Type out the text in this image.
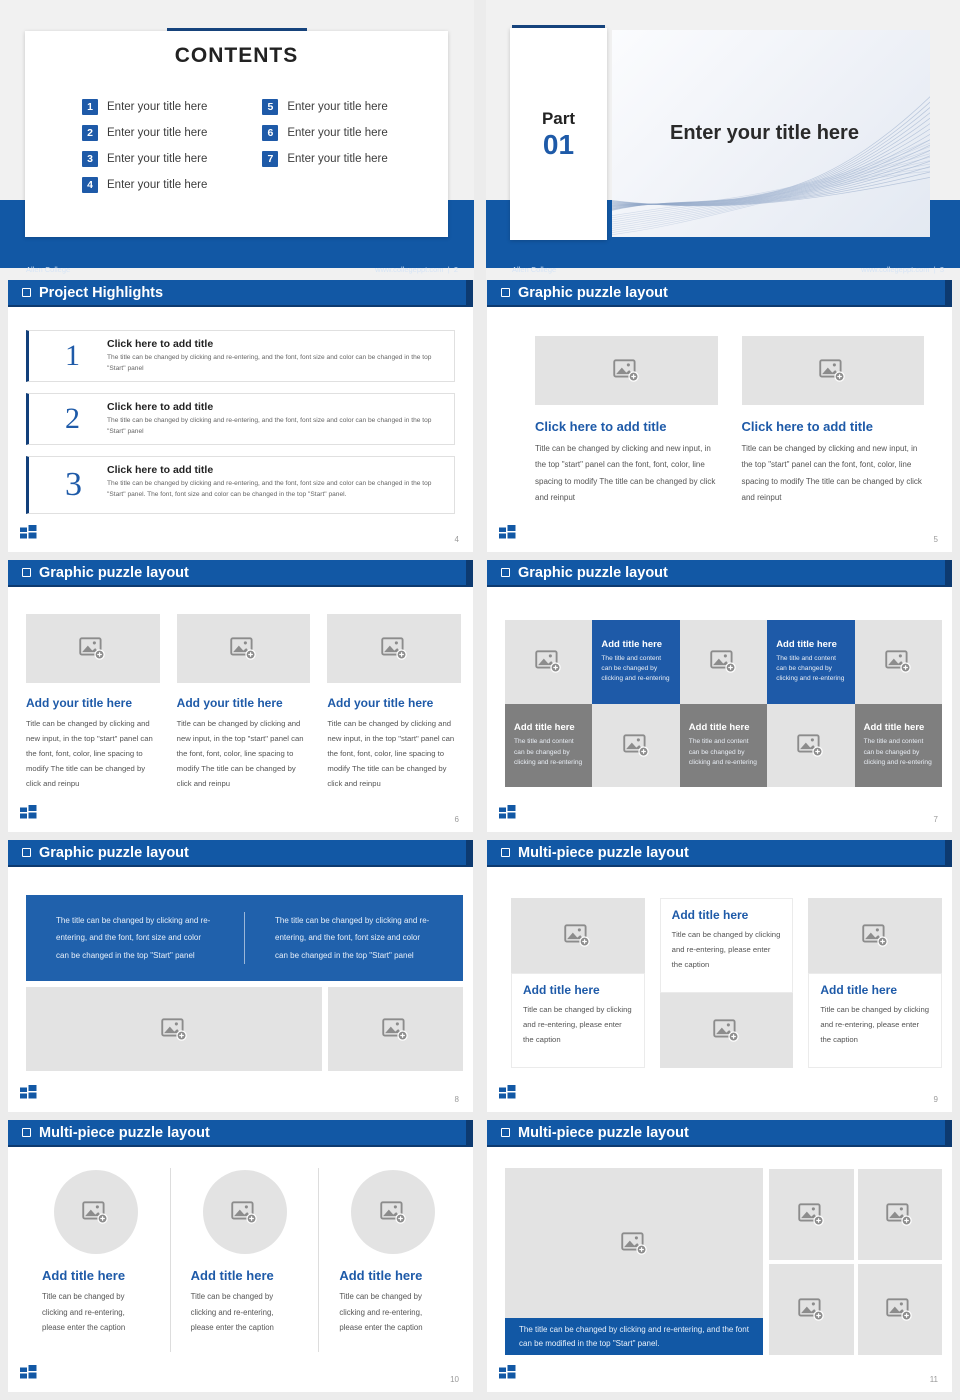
CONTENTS
1	Enter your title here
2	Enter your title here
3	Enter your title here
4	Enter your title here
5	Enter your title here
6	Enter your title here
7	Enter your title here
Allen College	www.collegeppt.com | 2
Part
01	Enter your title here
Allen College	www.collegeppt.com | 3
Project Highlights
1	Click here to add title
The title can be changed by clicking and re-entering, and the font, font size and color can be changed in the top "Start" panel
2	Click here to add title
The title can be changed by clicking and re-entering, and the font, font size and color can be changed in the top "Start" panel
3 Click here to add title
The title can be changed by clicking and re-entering, and the font, font size and color can be changed in the top "Start" panel. The font, font size and color can be changed in the top "Start" panel.
4
Graphic puzzle layout
Click here to add title
Title can be changed by clicking and new input, in the top "start" panel can the font, font, color, line spacing to modify The title can be changed by click and reinput
Click here to add title
Title can be changed by clicking and new input, in the top "start" panel can the font, font, color, line spacing to modify The title can be changed by click and reinput
5
Graphic puzzle layout
Add your title here
Title can be changed by clicking and new input, in the top "start" panel can the font, font, color, line spacing to modify The title can be changed by click and reinpu
Add your title here
Title can be changed by clicking and new input, in the top "start" panel can the font, font, color, line spacing to modify The title can be changed by click and reinpu
Add your title here
Title can be changed by clicking and new input, in the top "start" panel can the font, font, color, line spacing to modify The title can be changed by click and reinpu
6
Graphic puzzle layout
Add title here
The title and content can be changed by clicking and re-entering
Add title here
The title and content can be changed by clicking and re-entering
Add title here
The title and content can be changed by clicking and re-entering
Add title here
The title and content can be changed by clicking and re-entering
Add title here
The title and content can be changed by clicking and re-entering
7
Graphic puzzle layout
The title can be changed by clicking and re-entering, and the font, font size and color can be changed in the top "Start" panel
The title can be changed by clicking and re-entering, and the font, font size and color can be changed in the top "Start" panel
8
Multi-piece puzzle layout
Add title here
Title can be changed by clicking and re-entering, please enter the caption
Add title here
Title can be changed by clicking and re-entering, please enter the caption
Add title here
Title can be changed by clicking and re-entering, please enter the caption
9
Multi-piece puzzle layout
Add title here
Title can be changed by clicking and re-entering, please enter the caption
Add title here
Title can be changed by clicking and re-entering, please enter the caption
Add title here
Title can be changed by clicking and re-entering, please enter the caption
10
Multi-piece puzzle layout
The title can be changed by clicking and re-entering, and the font can be modified in the top "Start" panel.
11
